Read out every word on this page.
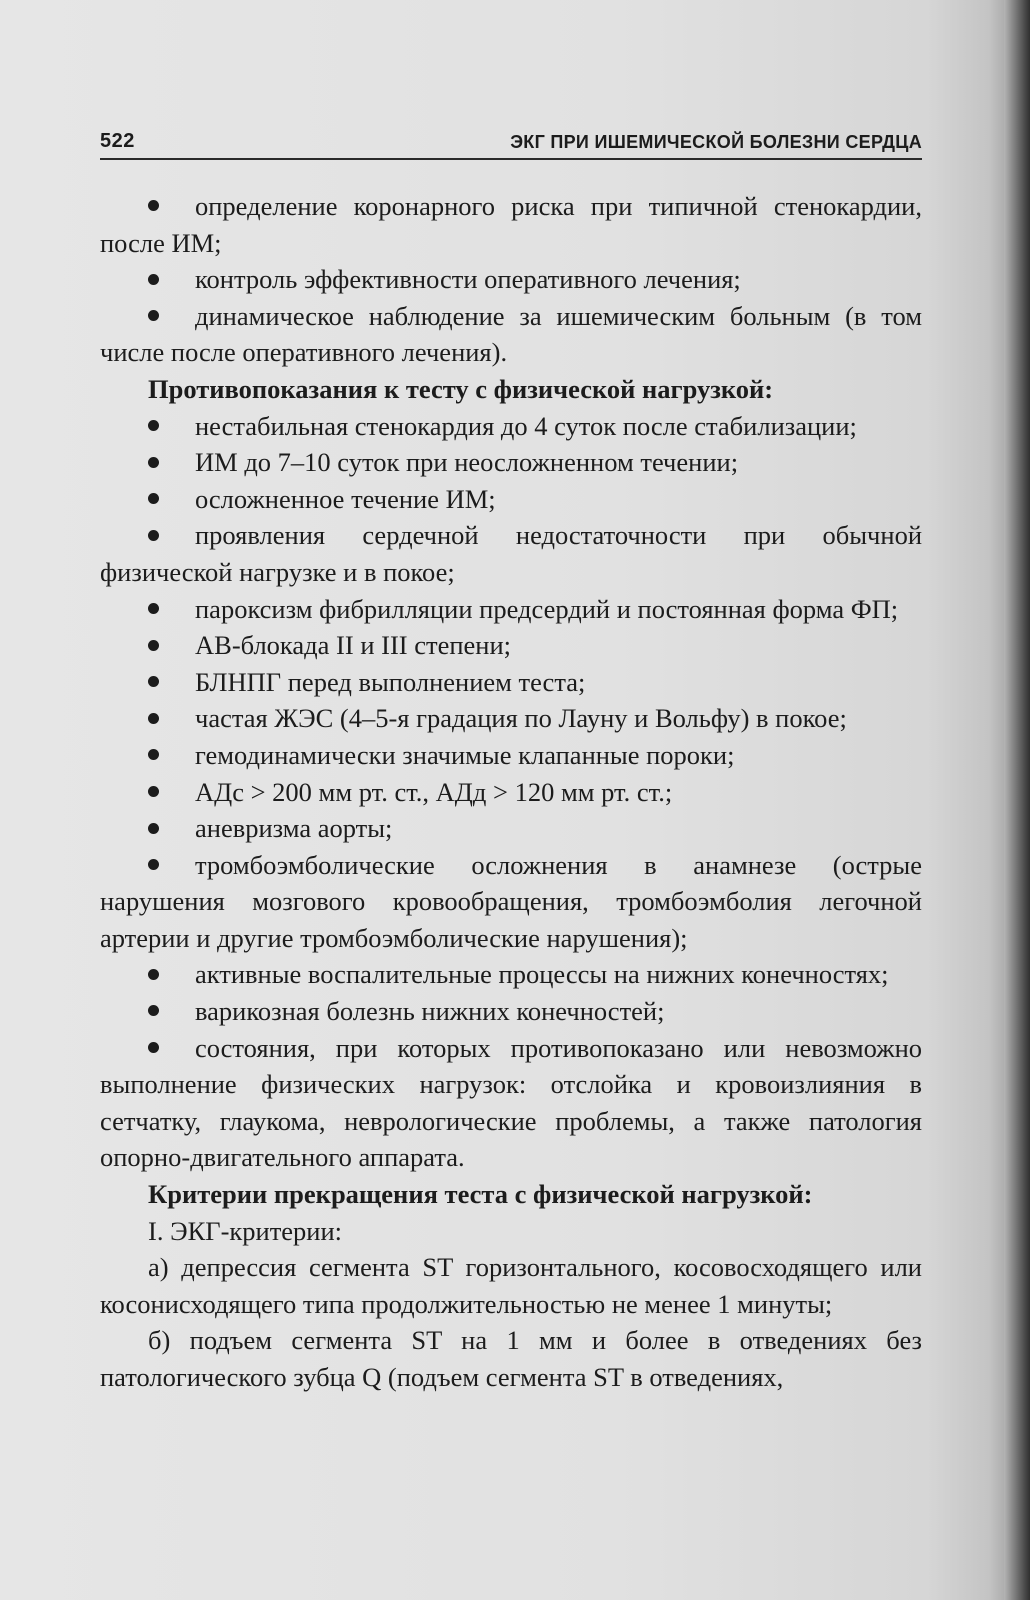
522	ЭКГ ПРИ ИШЕМИЧЕСКОЙ БОЛЕЗНИ СЕРДЦА

определение коронарного риска при типичной стенокардии, после ИМ;

контроль эффективности оперативного лечения;

динамическое наблюдение за ишемическим больным (в том числе после оперативного лечения).

Противопоказания к тесту с физической нагрузкой:

нестабильная стенокардия до 4 суток после стабилизации;

ИМ до 7–10 суток при неосложненном течении;

осложненное течение ИМ;

проявления сердечной недостаточности при обычной физической нагрузке и в покое;

пароксизм фибрилляции предсердий и постоянная форма ФП;

АВ-блокада II и III степени;

БЛНПГ перед выполнением теста;

частая ЖЭС (4–5-я градация по Лауну и Вольфу) в покое;

гемодинамически значимые клапанные пороки;

АДс > 200 мм рт. ст., АДд > 120 мм рт. ст.;

аневризма аорты;

тромбоэмболические осложнения в анамнезе (острые нарушения мозгового кровообращения, тромбоэмболия легочной артерии и другие тромбоэмболические нарушения);

активные воспалительные процессы на нижних конечностях;

варикозная болезнь нижних конечностей;

состояния, при которых противопоказано или невозможно выполнение физических нагрузок: отслойка и кровоизлияния в сетчатку, глаукома, неврологические проблемы, а также патология опорно-двигательного аппарата.

Критерии прекращения теста с физической нагрузкой:

I. ЭКГ-критерии:

а) депрессия сегмента ST горизонтального, косовосходящего или косонисходящего типа продолжительностью не менее 1 минуты;

б) подъем сегмента ST на 1 мм и более в отведениях без патологического зубца Q (подъем сегмента ST в отведениях,
